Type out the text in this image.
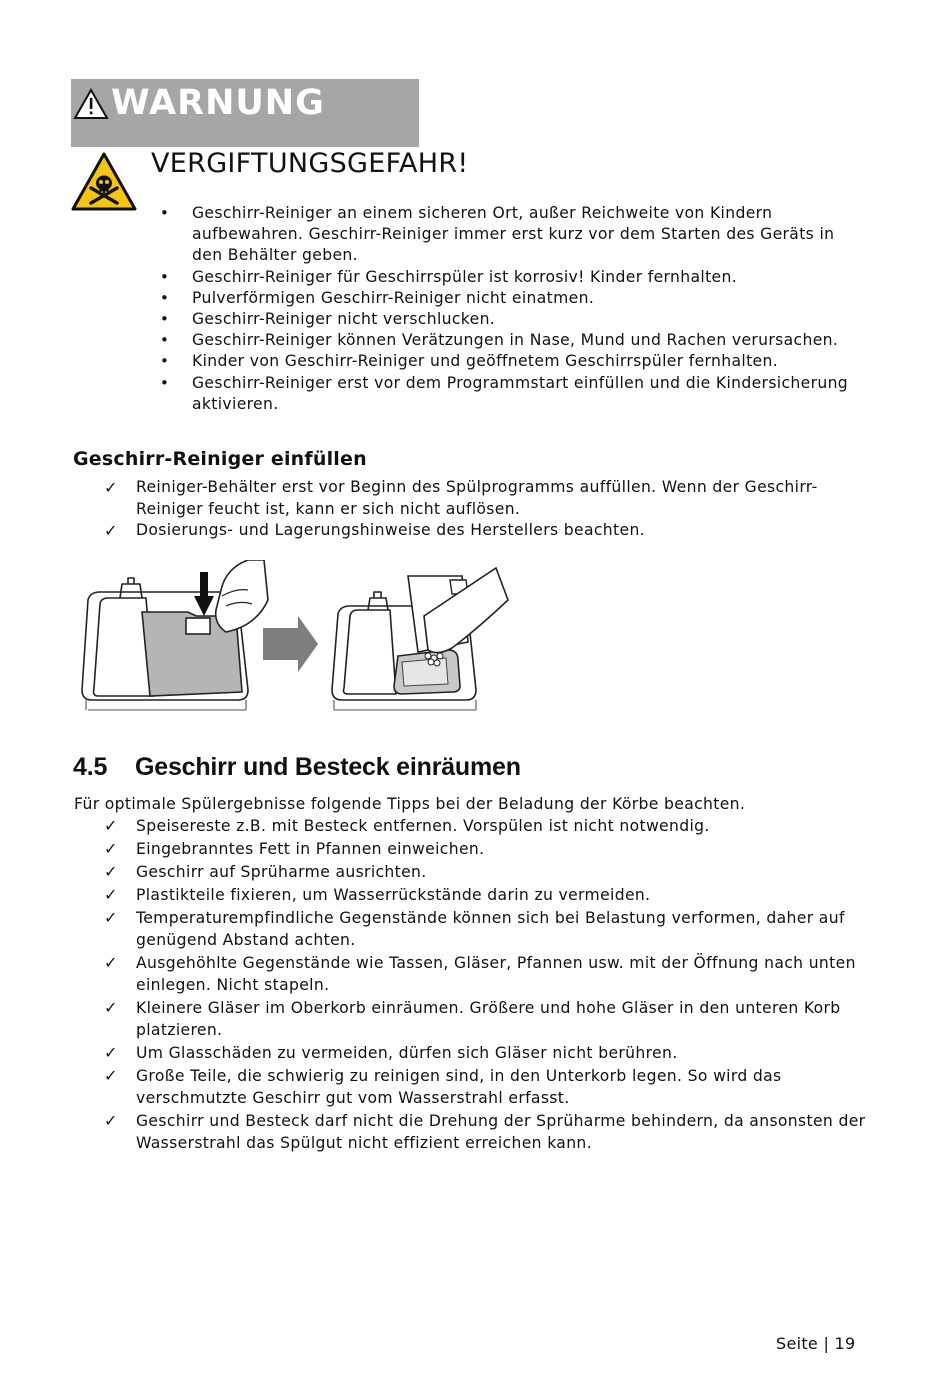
WARNUNG
VERGIFTUNGSGEFAHR!
•	Geschirr-Reiniger an einem sicheren Ort, außer Reichweite von Kindern aufbewahren. Geschirr-Reiniger immer erst kurz vor dem Starten des Geräts in den Behälter geben.
•	Geschirr-Reiniger für Geschirrspüler ist korrosiv! Kinder fernhalten.
•	Pulverförmigen Geschirr-Reiniger nicht einatmen.
•	Geschirr-Reiniger nicht verschlucken.
•	Geschirr-Reiniger können Verätzungen in Nase, Mund und Rachen verursachen.
•	Kinder von Geschirr-Reiniger und geöffnetem Geschirrspüler fernhalten.
•	Geschirr-Reiniger erst vor dem Programmstart einfüllen und die Kindersicherung aktivieren.
Geschirr-Reiniger einfüllen
✓ Reiniger-Behälter erst vor Beginn des Spülprogramms auffüllen. Wenn der Geschirr-Reiniger feucht ist, kann er sich nicht auflösen.
✓ Dosierungs- und Lagerungshinweise des Herstellers beachten.
4.5 Geschirr und Besteck einräumen
Für optimale Spülergebnisse folgende Tipps bei der Beladung der Körbe beachten.
✓ Speisereste z.B. mit Besteck entfernen. Vorspülen ist nicht notwendig.
✓ Eingebranntes Fett in Pfannen einweichen.
✓ Geschirr auf Sprüharme ausrichten.
✓ Plastikteile fixieren, um Wasserrückstände darin zu vermeiden.
✓ Temperaturempfindliche Gegenstände können sich bei Belastung verformen, daher auf genügend Abstand achten.
✓ Ausgehöhlte Gegenstände wie Tassen, Gläser, Pfannen usw. mit der Öffnung nach unten einlegen. Nicht stapeln.
✓ Kleinere Gläser im Oberkorb einräumen. Größere und hohe Gläser in den unteren Korb platzieren.
✓ Um Glasschäden zu vermeiden, dürfen sich Gläser nicht berühren.
✓ Große Teile, die schwierig zu reinigen sind, in den Unterkorb legen. So wird das verschmutzte Geschirr gut vom Wasserstrahl erfasst.
✓ Geschirr und Besteck darf nicht die Drehung der Sprüharme behindern, da ansonsten der Wasserstrahl das Spülgut nicht effizient erreichen kann.
Seite | 19
